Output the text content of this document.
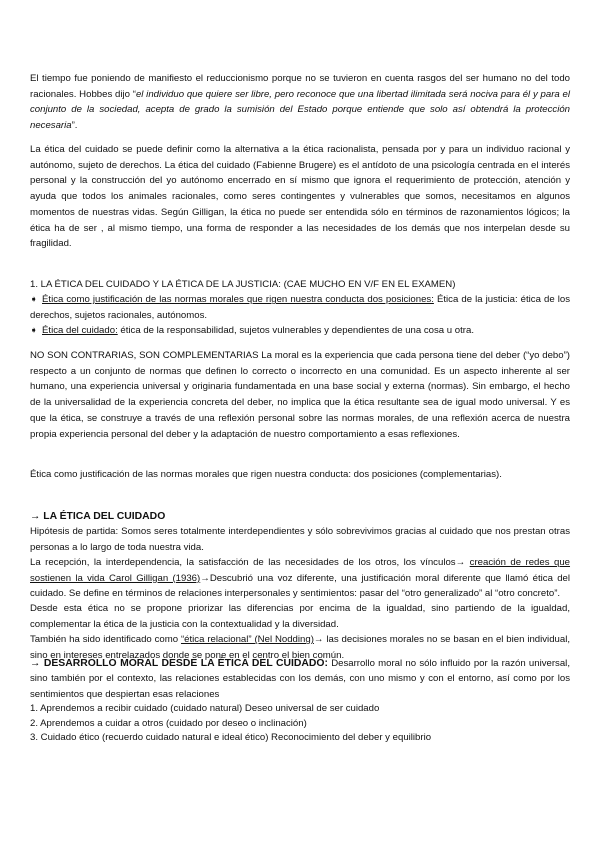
El tiempo fue poniendo de manifiesto el reduccionismo porque no se tuvieron en cuenta rasgos del ser humano no del todo racionales. Hobbes dijo “el individuo que quiere ser libre, pero reconoce que una libertad ilimitada será nociva para él y para el conjunto de la sociedad, acepta de grado la sumisión del Estado porque entiende que solo así obtendrá la protección necesaria”.

La ética del cuidado se puede definir como la alternativa a la ética racionalista, pensada por y para un individuo racional y autónomo, sujeto de derechos. La ética del cuidado (Fabienne Brugere) es el antídoto de una psicología centrada en el interés personal y la construcción del yo autónomo encerrado en sí mismo que ignora el requerimiento de protección, atención y ayuda que todos los animales racionales, como seres contingentes y vulnerables que somos, necesitamos en algunos momentos de nuestras vidas. Según Gilligan, la ética no puede ser entendida sólo en términos de razonamientos lógicos; la ética ha de ser , al mismo tiempo, una forma de responder a las necesidades de los demás que nos interpelan desde su fragilidad.

1. LA ÉTICA DEL CUIDADO Y LA ÉTICA DE LA JUSTICIA: (CAE MUCHO EN V/F EN EL EXAMEN)
➧ Ética como justificación de las normas morales que rigen nuestra conducta dos posiciones: Ética de la justicia: ética de los derechos, sujetos racionales, autónomos.
➧ Ética del cuidado: ética de la responsabilidad, sujetos vulnerables y dependientes de una cosa u otra.

NO SON CONTRARIAS, SON COMPLEMENTARIAS La moral es la experiencia que cada persona tiene del deber (“yo debo”) respecto a un conjunto de normas que definen lo correcto o incorrecto en una comunidad. Es un aspecto inherente al ser humano, una experiencia universal y originaria fundamentada en una base social y externa (normas). Sin embargo, el hecho de la universalidad de la experiencia concreta del deber, no implica que la ética resultante sea de igual modo universal. Y es que la ética, se construye a través de una reflexión personal sobre las normas morales, de una reflexión acerca de nuestra propia experiencia personal del deber y la adaptación de nuestro comportamiento a esas reflexiones.

Ética como justificación de las normas morales que rigen nuestra conducta: dos posiciones (complementarias).

→ LA ÉTICA DEL CUIDADO
Hipótesis de partida: Somos seres totalmente interdependientes y sólo sobrevivimos gracias al cuidado que nos prestan otras personas a lo largo de toda nuestra vida.
La recepción, la interdependencia, la satisfacción de las necesidades de los otros, los vínculos→ creación de redes que sostienen la vida Carol Gilligan (1936)→Descubrió una voz diferente, una justificación moral diferente que llamó ética del cuidado. Se define en términos de relaciones interpersonales y sentimientos: pasar del “otro generalizado” al “otro concreto”.
Desde esta ética no se propone priorizar las diferencias por encima de la igualdad, sino partiendo de la igualdad, complementar la ética de la justicia con la contextualidad y la diversidad.
También ha sido identificado como “ética relacional” (Nel Nodding)→ las decisiones morales no se basan en el bien individual, sino en intereses entrelazados donde se pone en el centro el bien común.

→ DESARROLLO MORAL DESDE LA ÉTICA DEL CUIDADO: Desarrollo moral no sólo influido por la razón universal, sino también por el contexto, las relaciones establecidas con los demás, con uno mismo y con el entorno, así como por los sentimientos que despiertan esas relaciones

1. Aprendemos a recibir cuidado (cuidado natural) Deseo universal de ser cuidado
2. Aprendemos a cuidar a otros (cuidado por deseo o inclinación)
3. Cuidado ético (recuerdo cuidado natural e ideal ético) Reconocimiento del deber y equilibrio
